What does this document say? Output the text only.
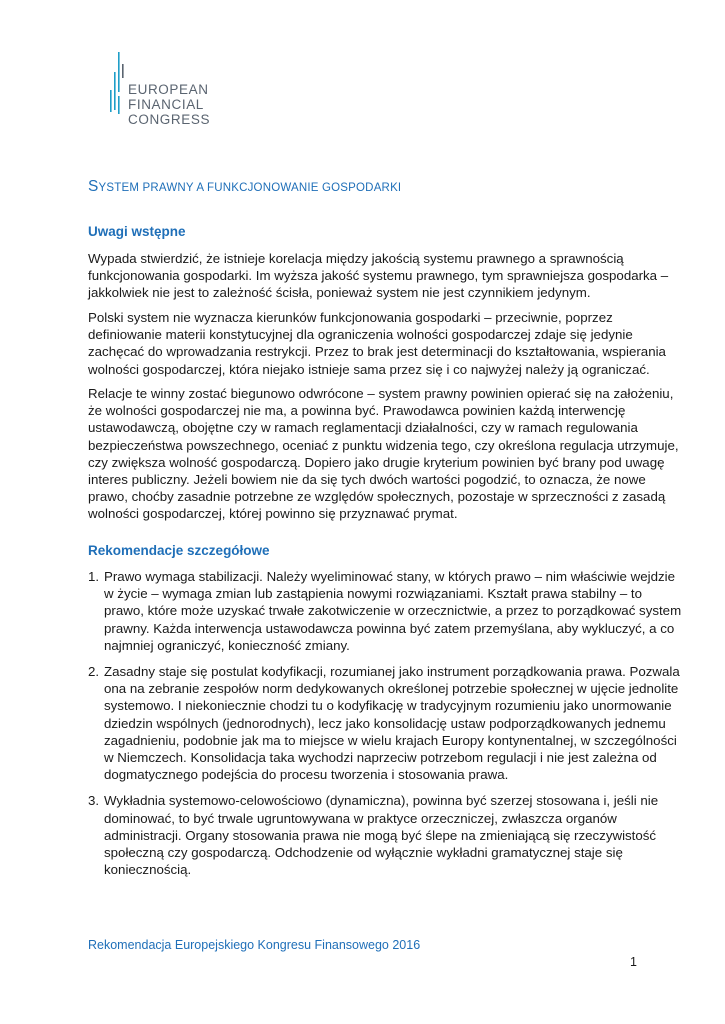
EUROPEAN
FINANCIAL
CONGRESS
SYSTEM PRAWNY A FUNKCJONOWANIE GOSPODARKI
Uwagi wstępne
Wypada stwierdzić, że istnieje korelacja między jakością systemu prawnego a sprawnością
funkcjonowania gospodarki. Im wyższa jakość systemu prawnego, tym sprawniejsza gospodarka –
jakkolwiek nie jest to zależność ścisła, ponieważ system nie jest czynnikiem jedynym.
Polski system nie wyznacza kierunków funkcjonowania gospodarki – przeciwnie, poprzez
definiowanie materii konstytucyjnej dla ograniczenia wolności gospodarczej zdaje się jedynie
zachęcać do wprowadzania restrykcji. Przez to brak jest determinacji do kształtowania, wspierania
wolności gospodarczej, która niejako istnieje sama przez się i co najwyżej należy ją ograniczać.
Relacje te winny zostać biegunowo odwrócone – system prawny powinien opierać się na założeniu,
że wolności gospodarczej nie ma, a powinna być. Prawodawca powinien każdą interwencję
ustawodawczą, obojętne czy w ramach reglamentacji działalności, czy w ramach regulowania
bezpieczeństwa powszechnego, oceniać z punktu widzenia tego, czy określona regulacja utrzymuje,
czy zwiększa wolność gospodarczą. Dopiero jako drugie kryterium powinien być brany pod uwagę
interes publiczny. Jeżeli bowiem nie da się tych dwóch wartości pogodzić, to oznacza, że nowe
prawo, choćby zasadnie potrzebne ze względów społecznych, pozostaje w sprzeczności z zasadą
wolności gospodarczej, której powinno się przyznawać prymat.
Rekomendacje szczegółowe
1. Prawo wymaga stabilizacji. Należy wyeliminować stany, w których prawo – nim właściwie wejdzie
w życie – wymaga zmian lub zastąpienia nowymi rozwiązaniami. Kształt prawa stabilny – to
prawo, które może uzyskać trwałe zakotwiczenie w orzecznictwie, a przez to porządkować system
prawny. Każda interwencja ustawodawcza powinna być zatem przemyślana, aby wykluczyć, a co
najmniej ograniczyć, konieczność zmiany.
2. Zasadny staje się postulat kodyfikacji, rozumianej jako instrument porządkowania prawa. Pozwala
ona na zebranie zespołów norm dedykowanych określonej potrzebie społecznej w ujęcie jednolite
systemowo. I niekoniecznie chodzi tu o kodyfikację w tradycyjnym rozumieniu jako unormowanie
dziedzin wspólnych (jednorodnych), lecz jako konsolidację ustaw podporządkowanych jednemu
zagadnieniu, podobnie jak ma to miejsce w wielu krajach Europy kontynentalnej, w szczególności
w Niemczech. Konsolidacja taka wychodzi naprzeciw potrzebom regulacji i nie jest zależna od
dogmatycznego podejścia do procesu tworzenia i stosowania prawa.
3. Wykładnia systemowo-celowościowo (dynamiczna), powinna być szerzej stosowana i, jeśli nie
dominować, to być trwale ugruntowywana w praktyce orzeczniczej, zwłaszcza organów
administracji. Organy stosowania prawa nie mogą być ślepe na zmieniającą się rzeczywistość
społeczną czy gospodarczą. Odchodzenie od wyłącznie wykładni gramatycznej staje się
koniecznością.
Rekomendacja Europejskiego Kongresu Finansowego 2016
1
